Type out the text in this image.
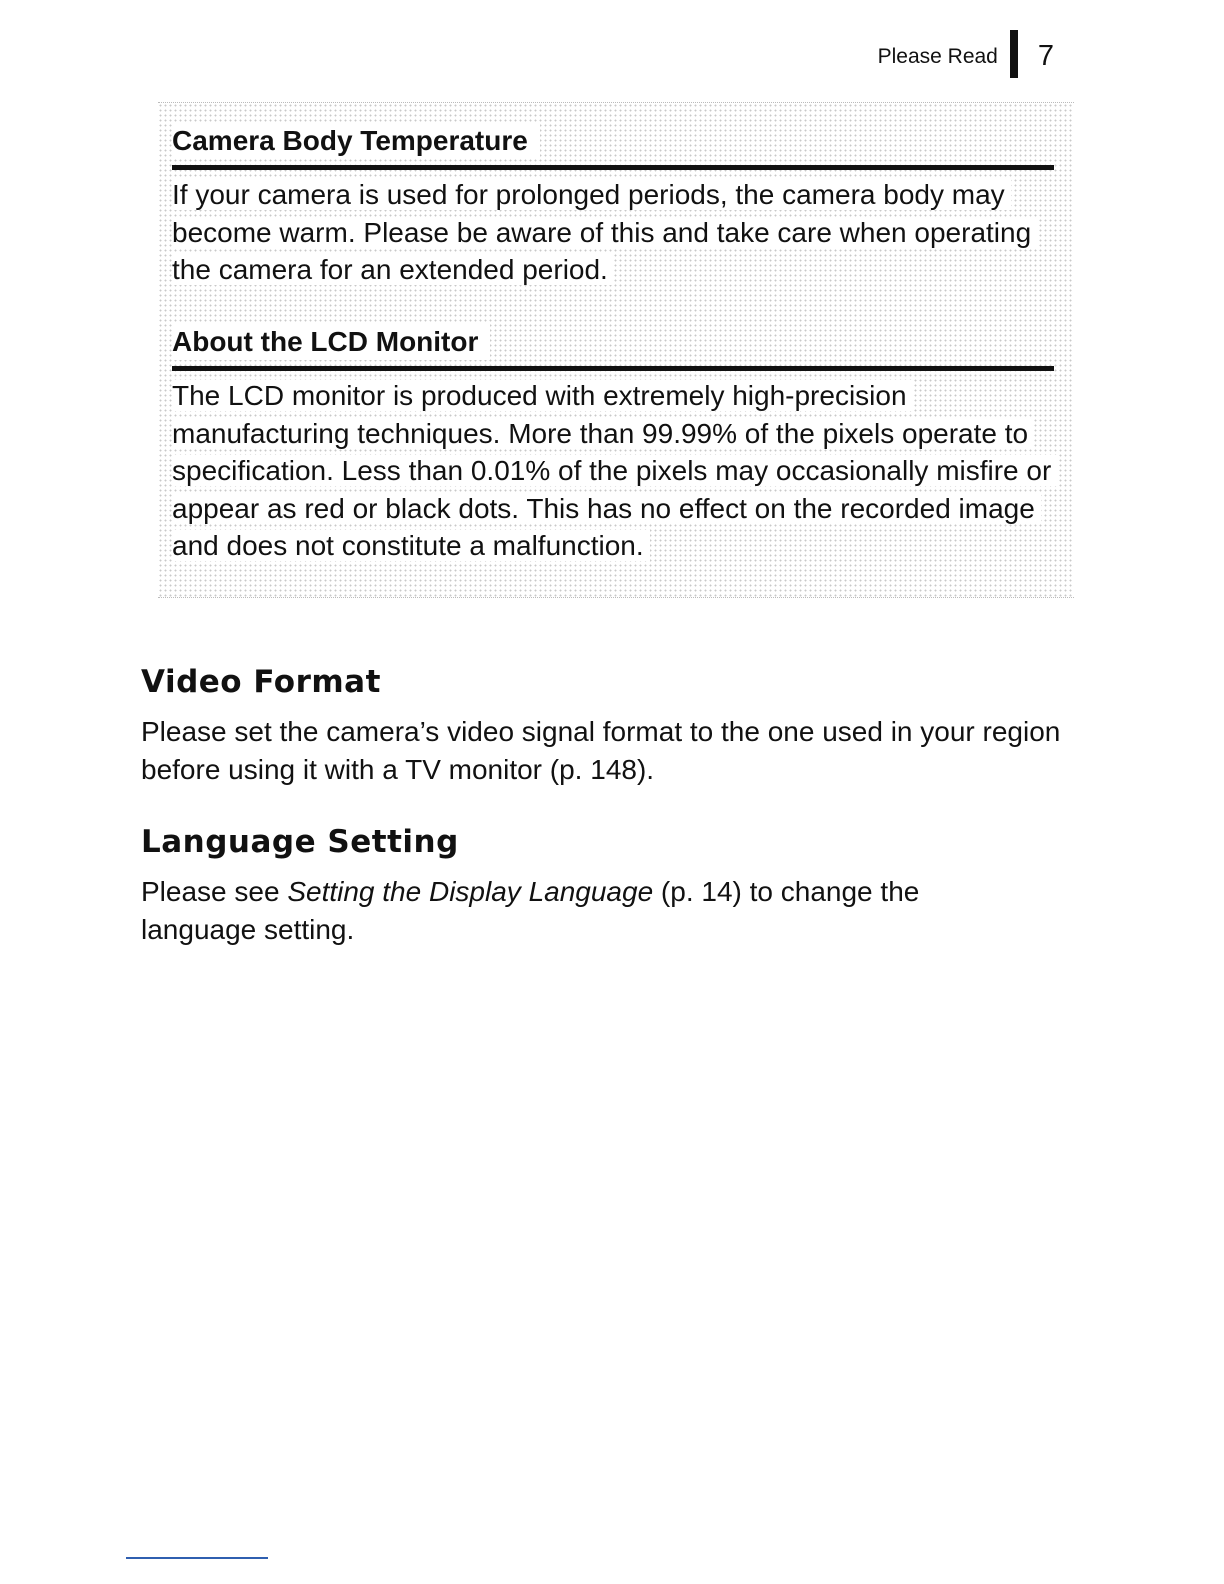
Please Read 7
Camera Body Temperature
If your camera is used for prolonged periods, the camera body may become warm. Please be aware of this and take care when operating the camera for an extended period.
About the LCD Monitor
The LCD monitor is produced with extremely high-precision manufacturing techniques. More than 99.99% of the pixels operate to specification. Less than 0.01% of the pixels may occasionally misfire or appear as red or black dots. This has no effect on the recorded image and does not constitute a malfunction.
Video Format
Please set the camera’s video signal format to the one used in your region before using it with a TV monitor (p. 148).
Language Setting
Please see Setting the Display Language (p. 14) to change the language setting.
